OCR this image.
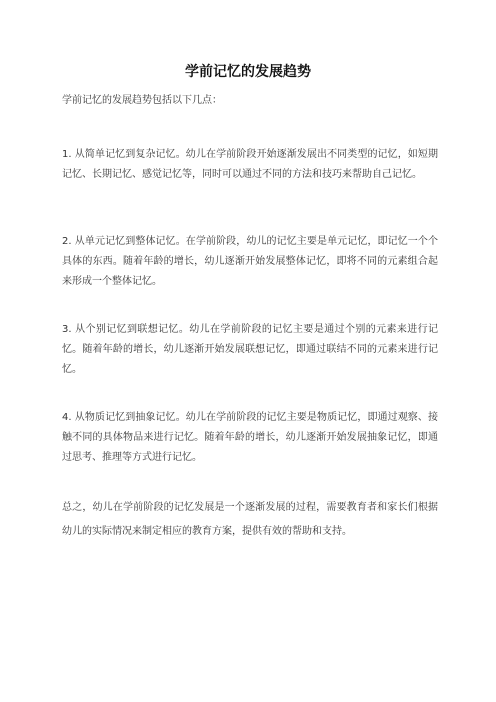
学前记忆的发展趋势
学前记忆的发展趋势包括以下几点：
1. 从简单记忆到复杂记忆。幼儿在学前阶段开始逐渐发展出不同类型的记忆，如短期记忆、长期记忆、感觉记忆等，同时可以通过不同的方法和技巧来帮助自己记忆。
2. 从单元记忆到整体记忆。在学前阶段，幼儿的记忆主要是单元记忆，即记忆一个个具体的东西。随着年龄的增长，幼儿逐渐开始发展整体记忆，即将不同的元素组合起来形成一个整体记忆。
3. 从个别记忆到联想记忆。幼儿在学前阶段的记忆主要是通过个别的元素来进行记忆。随着年龄的增长，幼儿逐渐开始发展联想记忆，即通过联结不同的元素来进行记忆。
4. 从物质记忆到抽象记忆。幼儿在学前阶段的记忆主要是物质记忆，即通过观察、接触不同的具体物品来进行记忆。随着年龄的增长，幼儿逐渐开始发展抽象记忆，即通过思考、推理等方式进行记忆。
总之，幼儿在学前阶段的记忆发展是一个逐渐发展的过程，需要教育者和家长们根据幼儿的实际情况来制定相应的教育方案，提供有效的帮助和支持。
